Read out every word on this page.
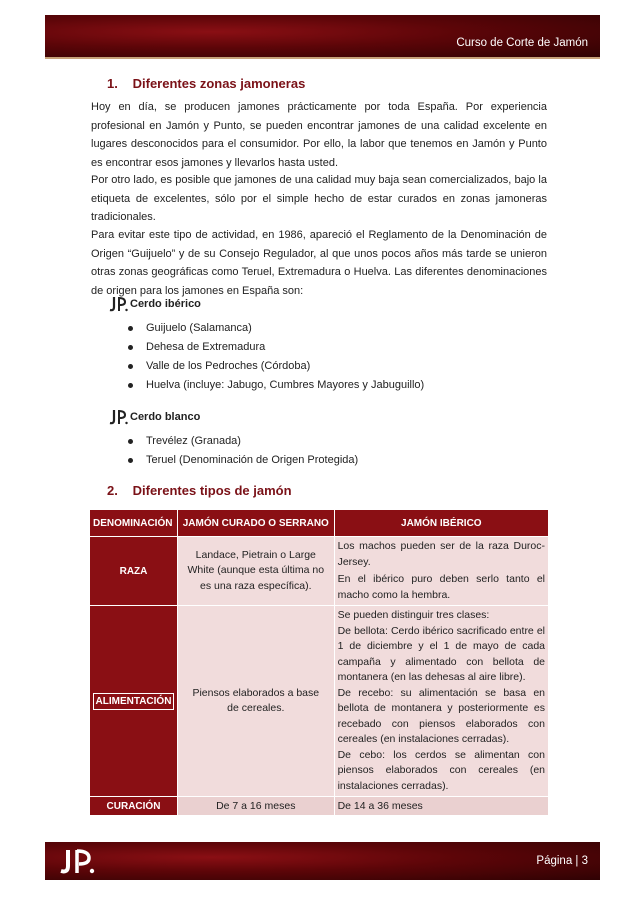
Curso de Corte de Jamón
1. Diferentes zonas jamoneras

Hoy en día, se producen jamones prácticamente por toda España. Por experiencia profesional en Jamón y Punto, se pueden encontrar jamones de una calidad excelente en lugares desconocidos para el consumidor. Por ello, la labor que tenemos en Jamón y Punto es encontrar esos jamones y llevarlos hasta usted.

Por otro lado, es posible que jamones de una calidad muy baja sean comercializados, bajo la etiqueta de excelentes, sólo por el simple hecho de estar curados en zonas jamoneras tradicionales.

Para evitar este tipo de actividad, en 1986, apareció el Reglamento de la Denominación de Origen “Guijuelo” y de su Consejo Regulador, al que unos pocos años más tarde se unieron otras zonas geográficas como Teruel, Extremadura o Huelva. Las diferentes denominaciones de origen para los jamones en España son:

Cerdo ibérico
Guijuelo (Salamanca)
Dehesa de Extremadura
Valle de los Pedroches (Córdoba)
Huelva (incluye: Jabugo, Cumbres Mayores y Jabuguillo)
Cerdo blanco
Trevélez (Granada)
Teruel (Denominación de Origen Protegida)
2. Diferentes tipos de jamón
DENOMINACIÓN	JAMÓN CURADO O SERRANO	JAMÓN IBÉRICO
RAZA	Landace, Pietrain o Large White (aunque esta última no es una raza específica).	Los machos pueden ser de la raza Duroc-Jersey.
En el ibérico puro deben serlo tanto el macho como la hembra.

ALIMENTACIÓN	Piensos elaborados a base de cereales.	Se pueden distinguir tres clases:
De bellota: Cerdo ibérico sacrificado entre el 1 de diciembre y el 1 de mayo de cada campaña y alimentado con bellota de montanera (en las dehesas al aire libre).
De recebo: su alimentación se basa en bellota de montanera y posteriormente es recebado con piensos elaborados con cereales (en instalaciones cerradas).
De cebo: los cerdos se alimentan con piensos elaborados con cereales (en instalaciones cerradas).

CURACIÓN	De 7 a 16 meses	De 14 a 36 meses
Página | 3
